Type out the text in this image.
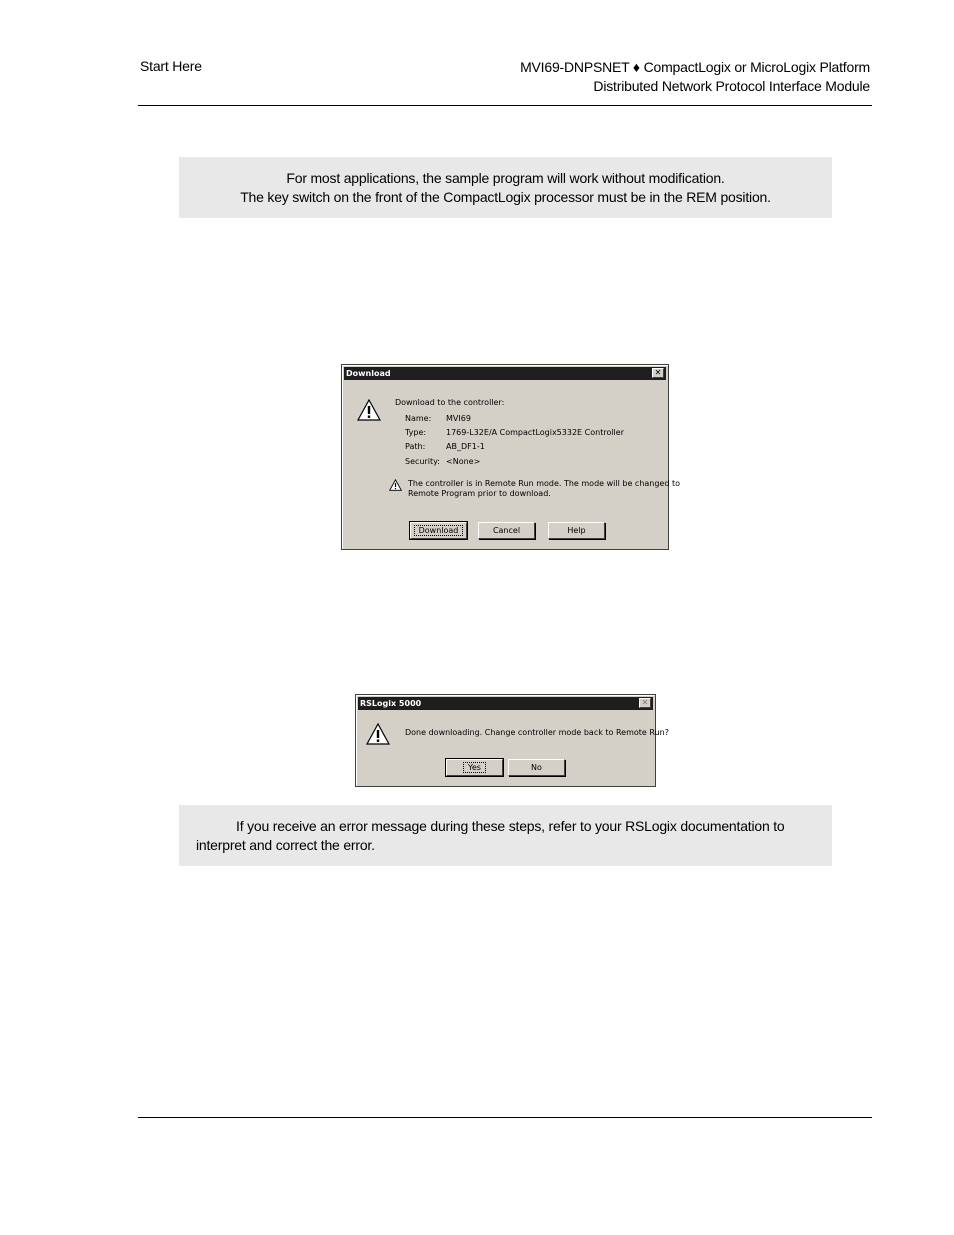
Start Here	MVI69-DNPSNET ♦ CompactLogix or MicroLogix Platform
Distributed Network Protocol Interface Module
For most applications, the sample program will work without modification.
The key switch on the front of the CompactLogix processor must be in the REM position.
Download	✕
Download to the controller:
Name: MVI69
Type: 1769-L32E/A CompactLogix5332E Controller
Path:	AB_DF1-1
Security: <None>
The controller is in Remote Run mode. The mode will be changed to
Remote Program prior to download.
Download	Cancel	Help
RSLogix 5000	✕
Done downloading. Change controller mode back to Remote Run?
Yes	No
If you receive an error message during these steps, refer to your RSLogix documentation to
interpret and correct the error.
